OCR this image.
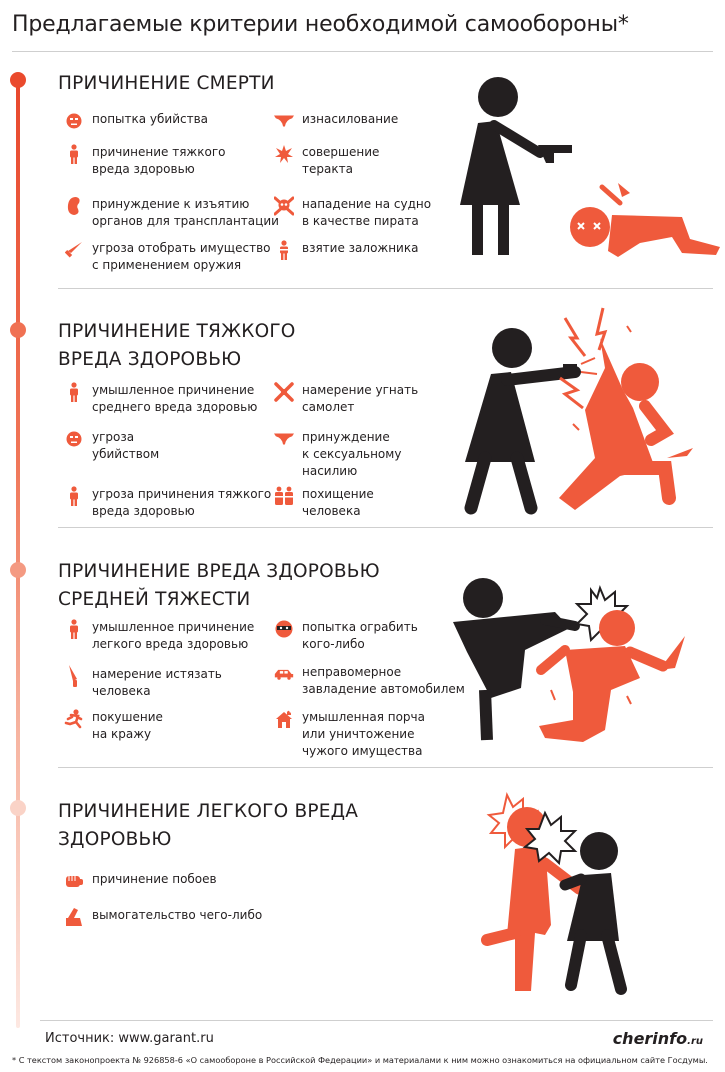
Предлагаемые критерии необходимой самообороны*
ПРИЧИНЕНИЕ СМЕРТИ
попытка убийства	изнасилование
причинение тяжкого
вреда здоровью
совершение
теракта
принуждение к изъятию
органов для трансплантации
нападение на судно
в качестве пирата
угроза отобрать имущество
с применением оружия
взятие заложника
ПРИЧИНЕНИЕ ТЯЖКОГО
ВРЕДА ЗДОРОВЬЮ
умышленное причинение
среднего вреда здоровью
намерение угнать
самолет
угроза
убийством
принуждение
к сексуальному
насилию
угроза причинения тяжкого
вреда здоровью
похищение
человека
ПРИЧИНЕНИЕ ВРЕДА ЗДОРОВЬЮ
СРЕДНЕЙ ТЯЖЕСТИ
умышленное причинение
легкого вреда здоровью
попытка ограбить
кого-либо
намерение истязать
человека
неправомерное
завладение автомобилем
покушение
на кражу
умышленная порча
или уничтожение
чужого имущества
ПРИЧИНЕНИЕ ЛЕГКОГО ВРЕДА
ЗДОРОВЬЮ
причинение побоев
вымогательство чего-либо
Источник: www.garant.ru	cherinfo.ru
* С текстом законопроекта № 926858-6 «О самообороне в Российской Федерации» и материалами к ним можно ознакомиться на официальном сайте Госдумы.
